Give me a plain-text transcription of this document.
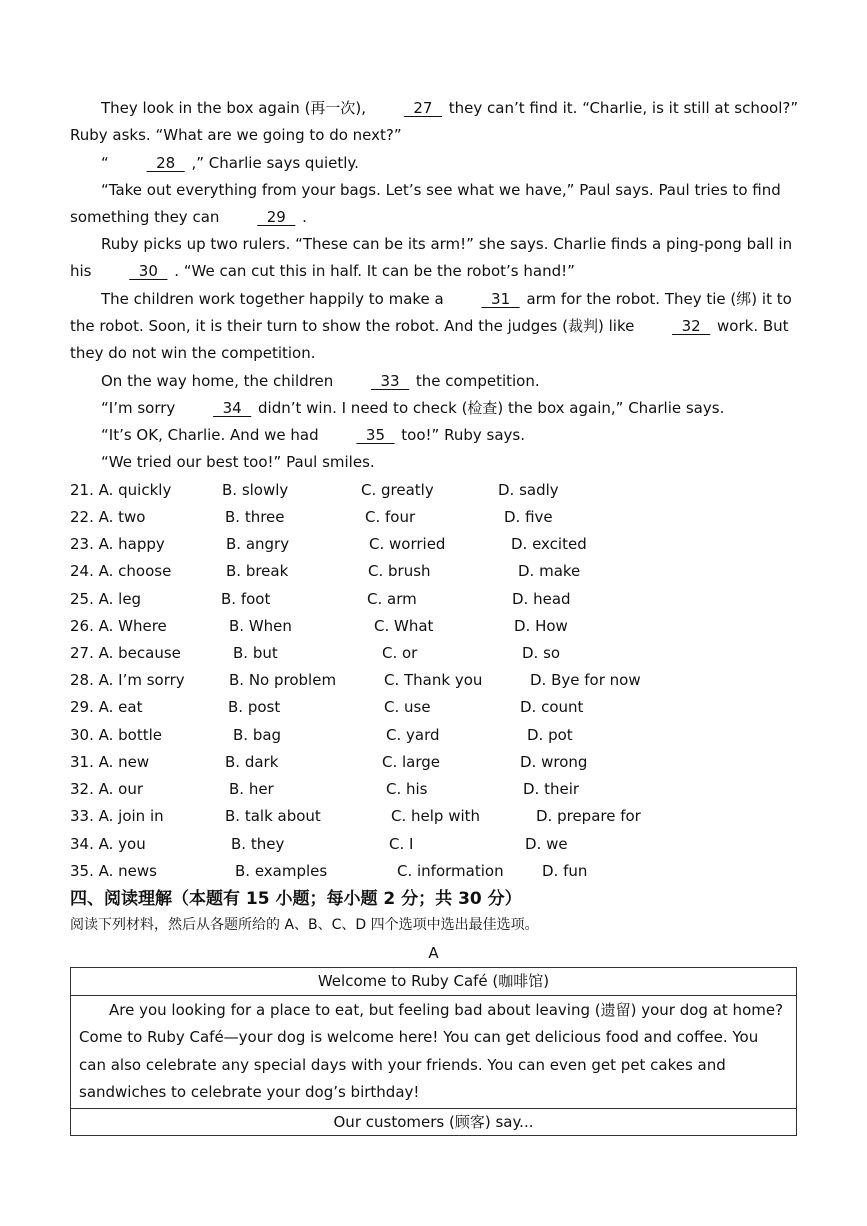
They look in the box again (再一次),   27   they can’t find it. “Charlie, is it still at school?” Ruby asks. “What are we going to do next?”

“   28   ,” Charlie says quietly.

“Take out everything from your bags. Let’s see what we have,” Paul says. Paul tries to find something they can   29   .

Ruby picks up two rulers. “These can be its arm!” she says. Charlie finds a ping-pong ball in his   30   . “We can cut this in half. It can be the robot’s hand!”

The children work together happily to make a   31   arm for the robot. They tie (绑) it to the robot. Soon, it is their turn to show the robot. And the judges (裁判) like   32   work. But they do not win the competition.

On the way home, the children   33   the competition.

“I’m sorry   34   didn’t win. I need to check (检查) the box again,” Charlie says.

“It’s OK, Charlie. And we had   35   too!” Ruby says.

“We tried our best too!” Paul smiles.

21. A. quickly	B. slowly	C. greatly	D. sadly
22. A. two	B. three	C. four	D. five
23. A. happy	B. angry	C. worried	D. excited
24. A. choose	B. break	C. brush	D. make
25. A. leg	B. foot	C. arm	D. head
26. A. Where	B. When	C. What	D. How
27. A. because	B. but	C. or	D. so
28. A. I’m sorry	B. No problem	C. Thank you	D. Bye for now
29. A. eat	B. post	C. use	D. count
30. A. bottle	B. bag	C. yard	D. pot
31. A. new	B. dark	C. large	D. wrong
32. A. our	B. her	C. his	D. their
33. A. join in	B. talk about	C. help with	D. prepare for
34. A. you	B. they	C. I	D. we
35. A. news	B. examples	C. information	D. fun
四、阅读理解（本题有 15 小题；每小题 2 分；共 30 分）
阅读下列材料，然后从各题所给的 A、B、C、D 四个选项中选出最佳选项。
A
Welcome to Ruby Café (咖啡馆)

Are you looking for a place to eat, but feeling bad about leaving (遗留) your dog at home? Come to Ruby Café—your dog is welcome here! You can get delicious food and coffee. You can also celebrate any special days with your friends. You can even get pet cakes and sandwiches to celebrate your dog’s birthday!

Our customers (顾客) say...
